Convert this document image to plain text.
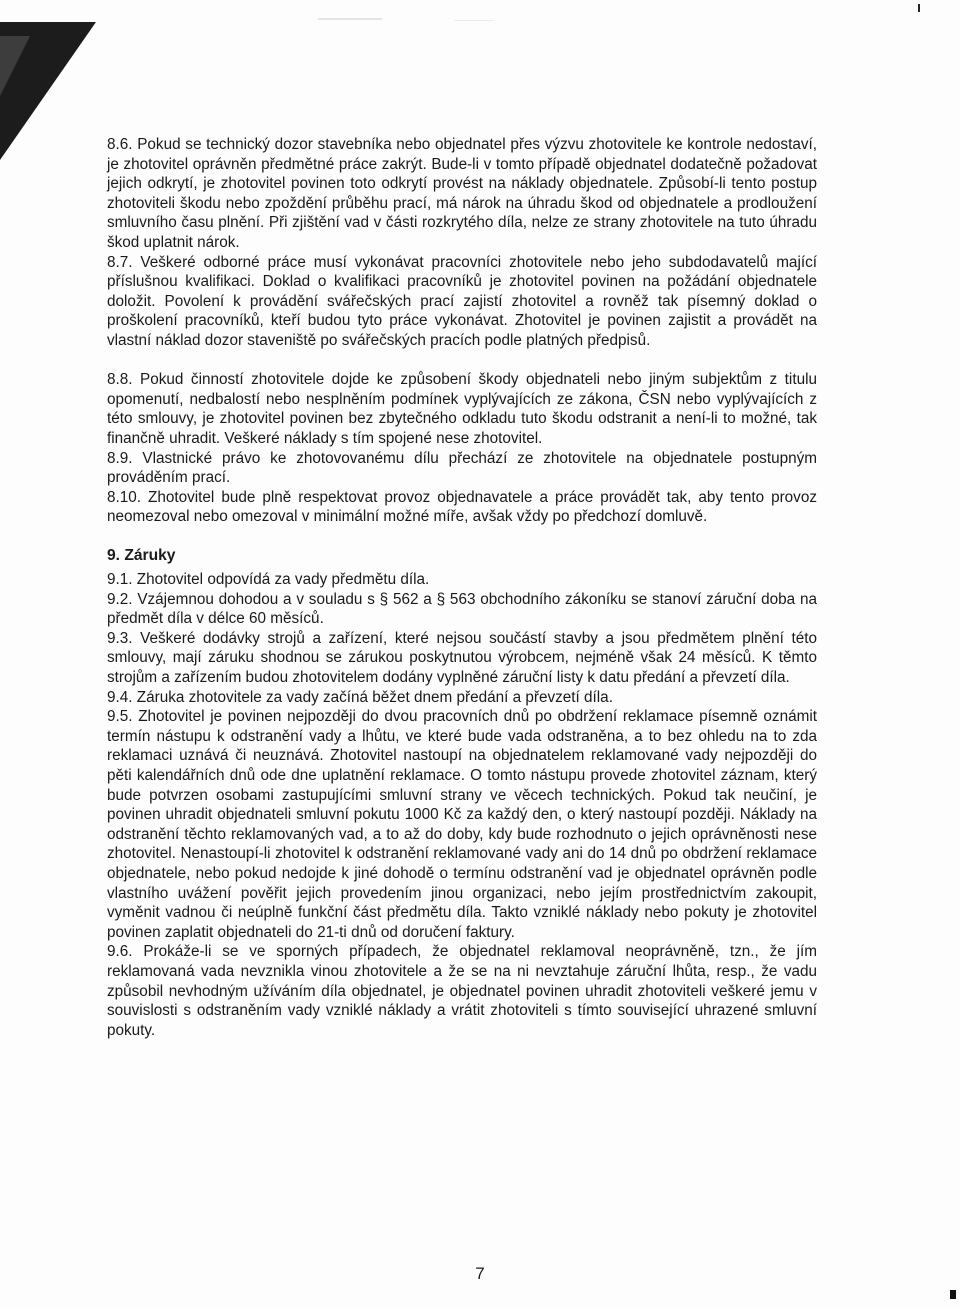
8.6. Pokud se technický dozor stavebníka nebo objednatel přes výzvu zhotovitele ke kontrole nedostaví, je zhotovitel oprávněn předmětné práce zakrýt. Bude-li v tomto případě objednatel dodatečně požadovat jejich odkrytí, je zhotovitel povinen toto odkrytí provést na náklady objednatele. Způsobí-li tento postup zhotoviteli škodu nebo zpoždění průběhu prací, má nárok na úhradu škod od objednatele a prodloužení smluvního času plnění. Při zjištění vad v části rozkrytého díla, nelze ze strany zhotovitele na tuto úhradu škod uplatnit nárok.

8.7. Veškeré odborné práce musí vykonávat pracovníci zhotovitele nebo jeho subdodavatelů mající příslušnou kvalifikaci. Doklad o kvalifikaci pracovníků je zhotovitel povinen na požádání objednatele doložit. Povolení k provádění svářečských prací zajistí zhotovitel a rovněž tak písemný doklad o proškolení pracovníků, kteří budou tyto práce vykonávat. Zhotovitel je povinen zajistit a provádět na vlastní náklad dozor staveniště po svářečských pracích podle platných předpisů.

8.8. Pokud činností zhotovitele dojde ke způsobení škody objednateli nebo jiným subjektům z titulu opomenutí, nedbalostí nebo nesplněním podmínek vyplývajících ze zákona, ČSN nebo vyplývajících z této smlouvy, je zhotovitel povinen bez zbytečného odkladu tuto škodu odstranit a není-li to možné, tak finančně uhradit. Veškeré náklady s tím spojené nese zhotovitel.

8.9. Vlastnické právo ke zhotovovanému dílu přechází ze zhotovitele na objednatele postupným prováděním prací.

8.10. Zhotovitel bude plně respektovat provoz objednavatele a práce provádět tak, aby tento provoz neomezoval nebo omezoval v minimální možné míře, avšak vždy po předchozí domluvě.

9. Záruky

9.1. Zhotovitel odpovídá za vady předmětu díla.

9.2. Vzájemnou dohodou a v souladu s § 562 a § 563 obchodního zákoníku se stanoví záruční doba na předmět díla v délce 60 měsíců.

9.3. Veškeré dodávky strojů a zařízení, které nejsou součástí stavby a jsou předmětem plnění této smlouvy, mají záruku shodnou se zárukou poskytnutou výrobcem, nejméně však 24 měsíců. K těmto strojům a zařízením budou zhotovitelem dodány vyplněné záruční listy k datu předání a převzetí díla.

9.4. Záruka zhotovitele za vady začíná běžet dnem předání a převzetí díla.

9.5. Zhotovitel je povinen nejpozději do dvou pracovních dnů po obdržení reklamace písemně oznámit termín nástupu k odstranění vady a lhůtu, ve které bude vada odstraněna, a to bez ohledu na to zda reklamaci uznává či neuznává. Zhotovitel nastoupí na objednatelem reklamované vady nejpozději do pěti kalendářních dnů ode dne uplatnění reklamace. O tomto nástupu provede zhotovitel záznam, který bude potvrzen osobami zastupujícími smluvní strany ve věcech technických. Pokud tak neučiní, je povinen uhradit objednateli smluvní pokutu 1000 Kč za každý den, o který nastoupí později. Náklady na odstranění těchto reklamovaných vad, a to až do doby, kdy bude rozhodnuto o jejich oprávněnosti nese zhotovitel. Nenastoupí-li zhotovitel k odstranění reklamované vady ani do 14 dnů po obdržení reklamace objednatele, nebo pokud nedojde k jiné dohodě o termínu odstranění vad je objednatel oprávněn podle vlastního uvážení pověřit jejich provedením jinou organizaci, nebo jejím prostřednictvím zakoupit, vyměnit vadnou či neúplně funkční část předmětu díla. Takto vzniklé náklady nebo pokuty je zhotovitel povinen zaplatit objednateli do 21-ti dnů od doručení faktury.

9.6. Prokáže-li se ve sporných případech, že objednatel reklamoval neoprávněně, tzn., že jím reklamovaná vada nevznikla vinou zhotovitele a že se na ni nevztahuje záruční lhůta, resp., že vadu způsobil nevhodným užíváním díla objednatel, je objednatel povinen uhradit zhotoviteli veškeré jemu v souvislosti s odstraněním vady vzniklé náklady a vrátit zhotoviteli s tímto související uhrazené smluvní pokuty.

7
